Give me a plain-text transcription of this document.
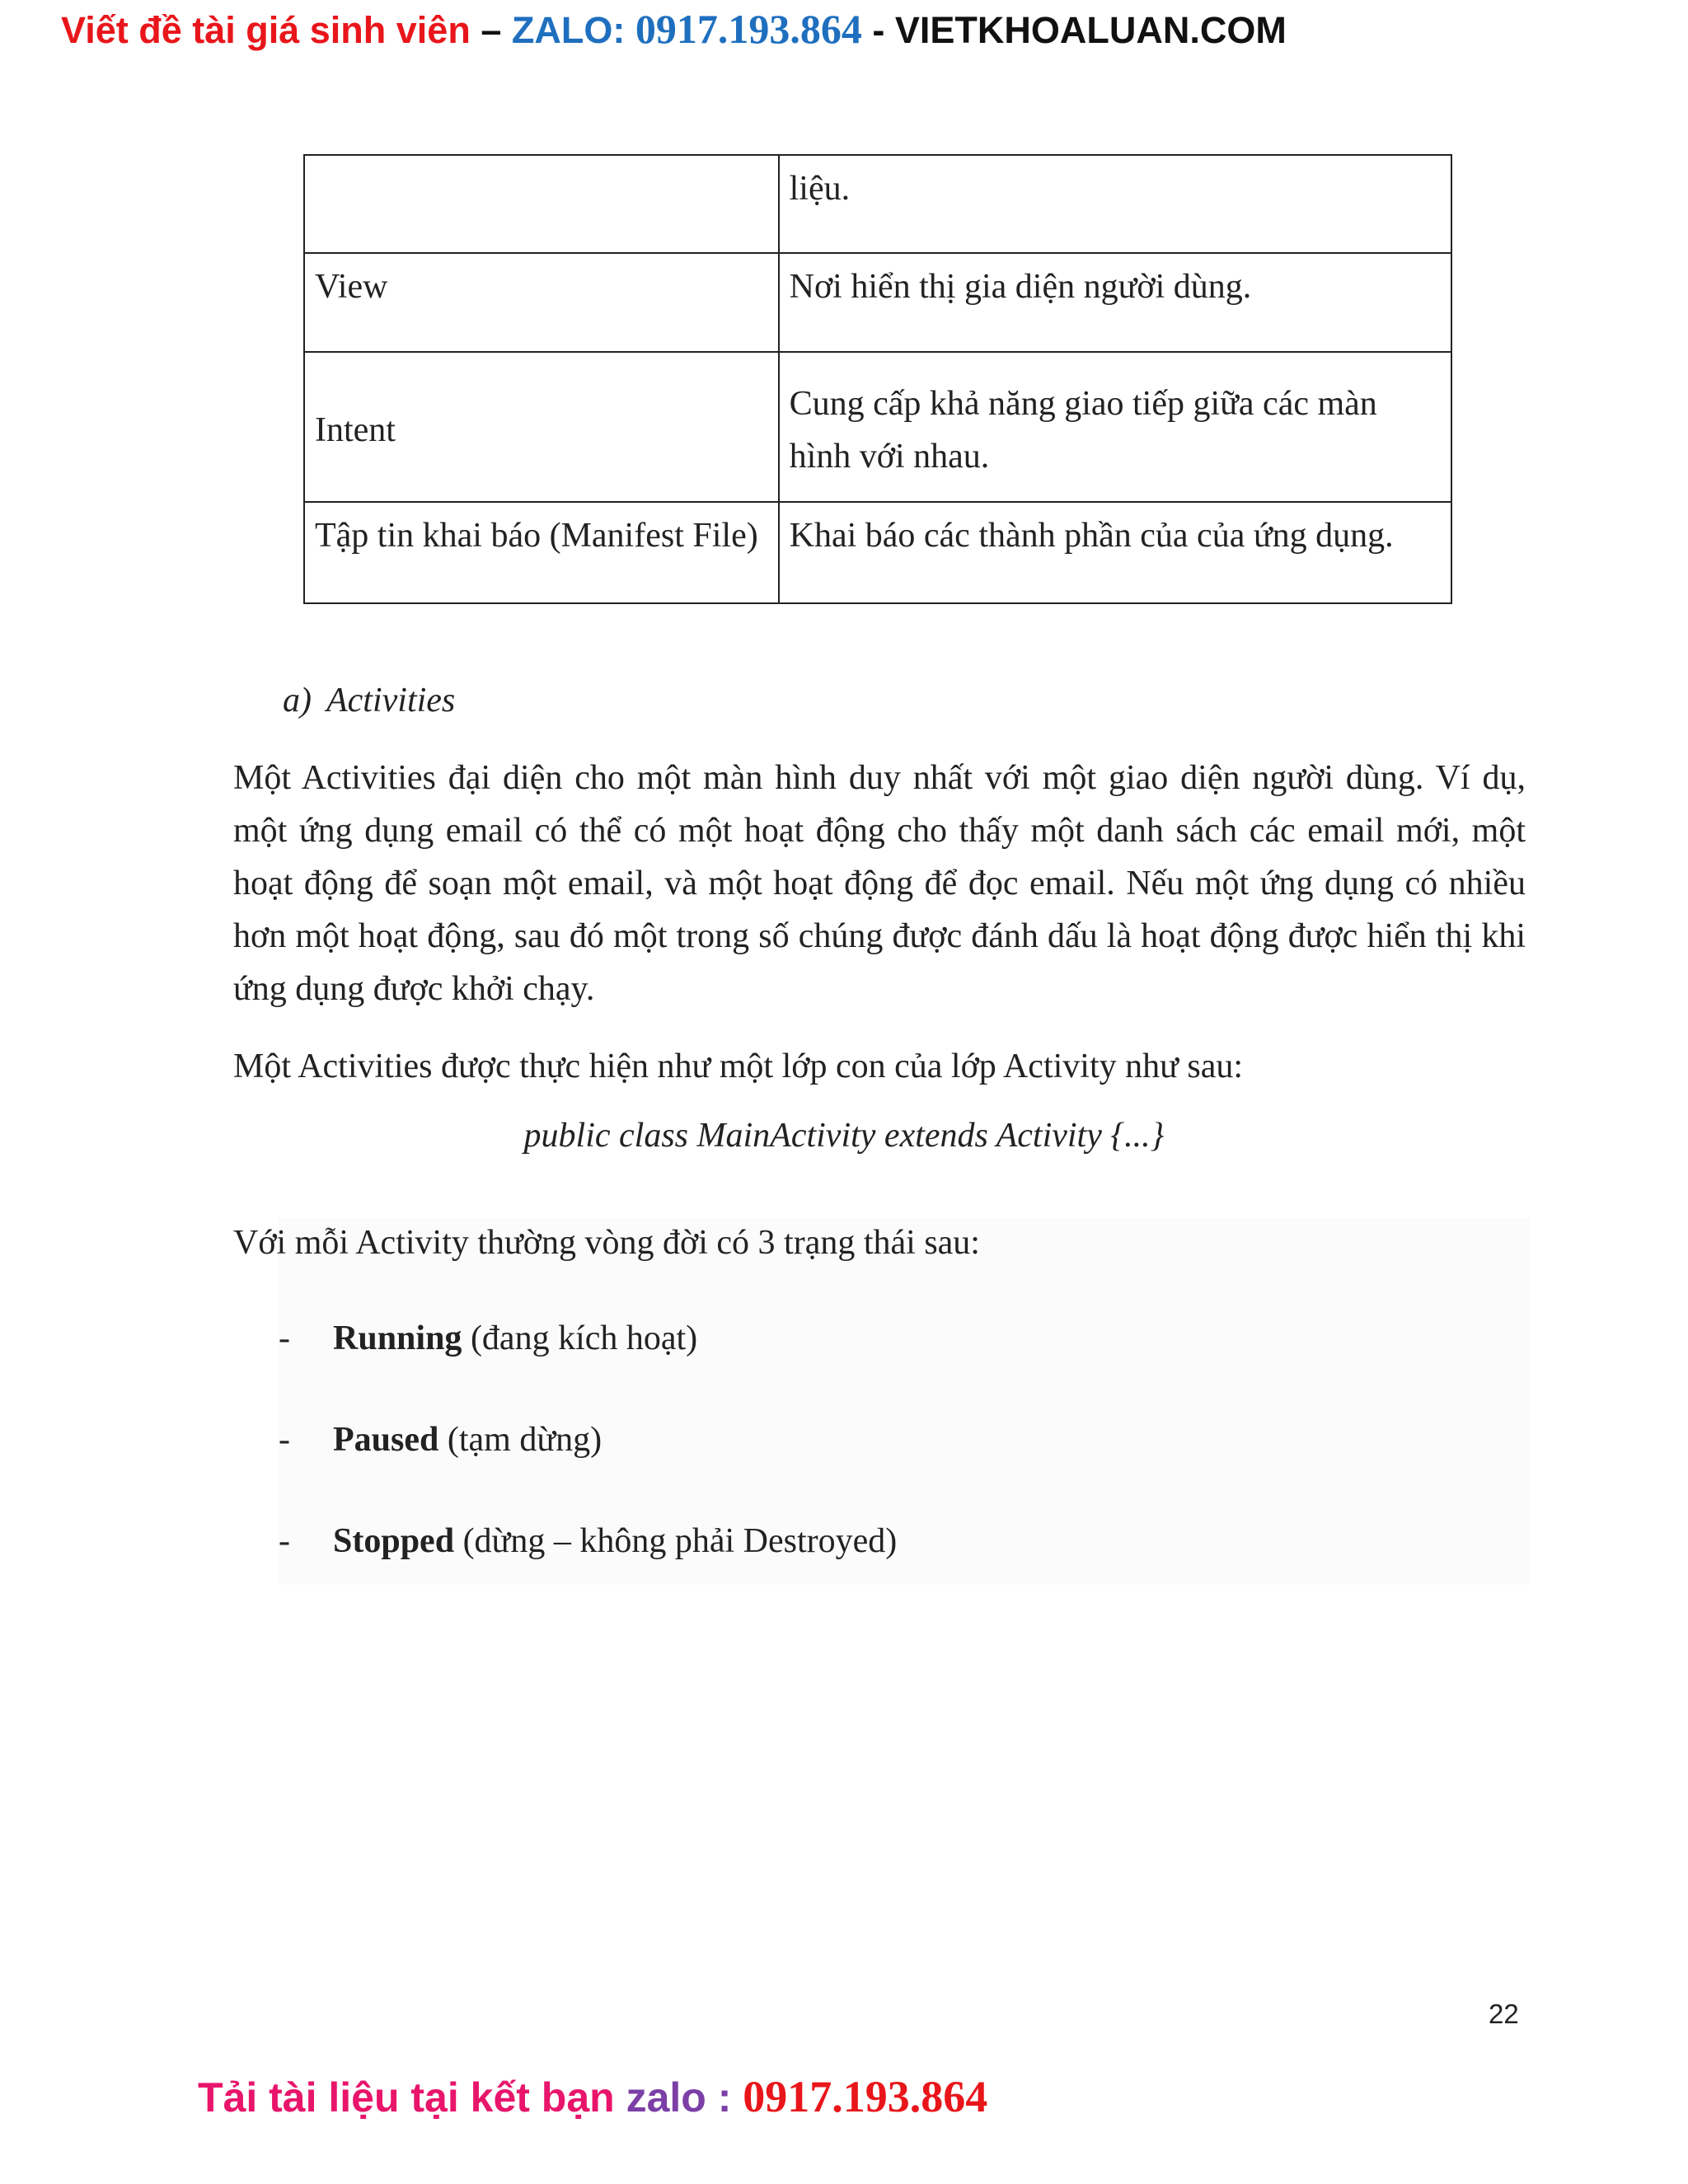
Viết đề tài giá sinh viên – ZALO: 0917.193.864 - VIETKHOALUAN.COM
	liệu.
View	Nơi hiển thị gia diện người dùng.
Intent	Cung cấp khả năng giao tiếp giữa các màn hình với nhau.
Tập tin khai báo (Manifest File)	Khai báo các thành phần của của ứng dụng.
a) Activities

Một Activities đại diện cho một màn hình duy nhất với một giao diện người dùng. Ví dụ, một ứng dụng email có thể có một hoạt động cho thấy một danh sách các email mới, một hoạt động để soạn một email, và một hoạt động để đọc email. Nếu một ứng dụng có nhiều hơn một hoạt động, sau đó một trong số chúng được đánh dấu là hoạt động được hiển thị khi ứng dụng được khởi chạy.

Một Activities được thực hiện như một lớp con của lớp Activity như sau:

public class MainActivity extends Activity {...}

Với mỗi Activity thường vòng đời có 3 trạng thái sau:

- Running (đang kích hoạt)
- Paused (tạm dừng)
- Stopped (dừng – không phải Destroyed)
22
Tải tài liệu tại kết bạn zalo : 0917.193.864
